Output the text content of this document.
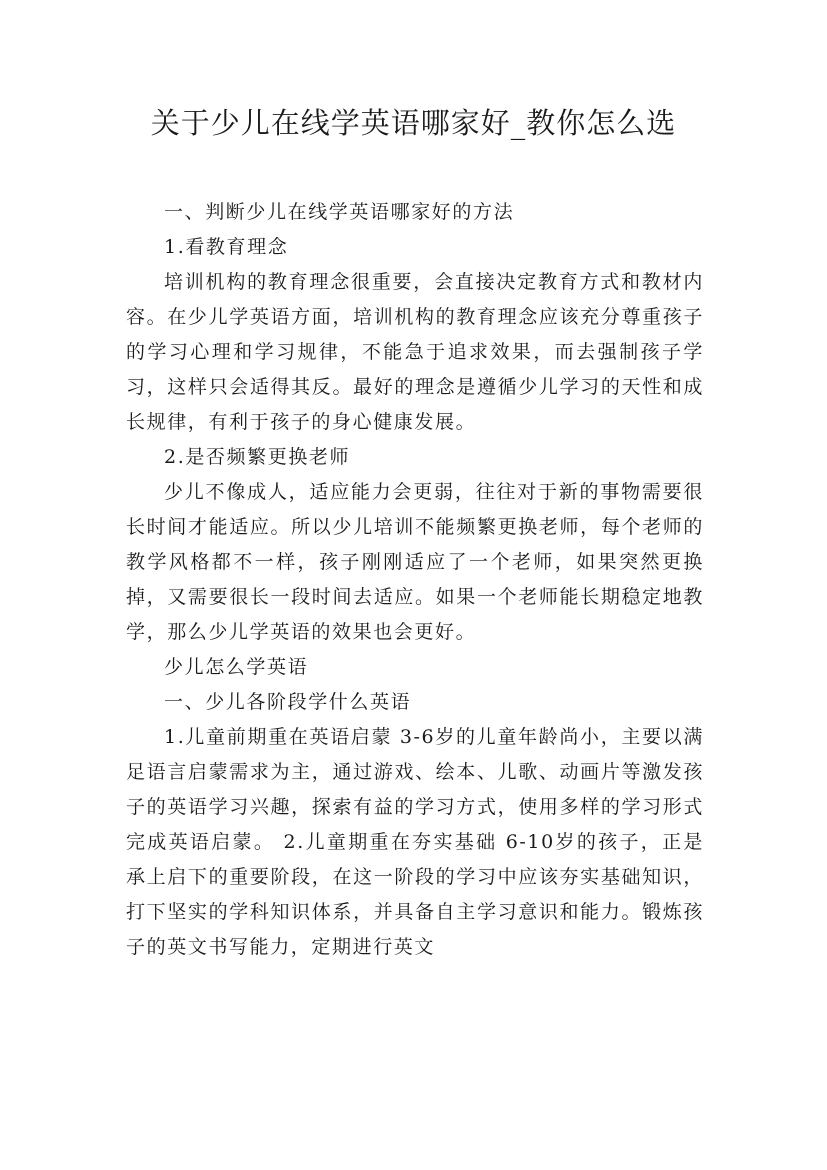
关于少儿在线学英语哪家好_教你怎么选

一、判断少儿在线学英语哪家好的方法

1.看教育理念

培训机构的教育理念很重要，会直接决定教育方式和教材内容。在少儿学英语方面，培训机构的教育理念应该充分尊重孩子的学习心理和学习规律，不能急于追求效果，而去强制孩子学习，这样只会适得其反。最好的理念是遵循少儿学习的天性和成长规律，有利于孩子的身心健康发展。

2.是否频繁更换老师

少儿不像成人，适应能力会更弱，往往对于新的事物需要很长时间才能适应。所以少儿培训不能频繁更换老师，每个老师的教学风格都不一样，孩子刚刚适应了一个老师，如果突然更换掉，又需要很长一段时间去适应。如果一个老师能长期稳定地教学，那么少儿学英语的效果也会更好。

少儿怎么学英语

一、少儿各阶段学什么英语

1.儿童前期重在英语启蒙 3-6岁的儿童年龄尚小，主要以满足语言启蒙需求为主，通过游戏、绘本、儿歌、动画片等激发孩子的英语学习兴趣，探索有益的学习方式，使用多样的学习形式完成英语启蒙。 2.儿童期重在夯实基础 6-10岁的孩子，正是承上启下的重要阶段，在这一阶段的学习中应该夯实基础知识，打下坚实的学科知识体系，并具备自主学习意识和能力。锻炼孩子的英文书写能力，定期进行英文
